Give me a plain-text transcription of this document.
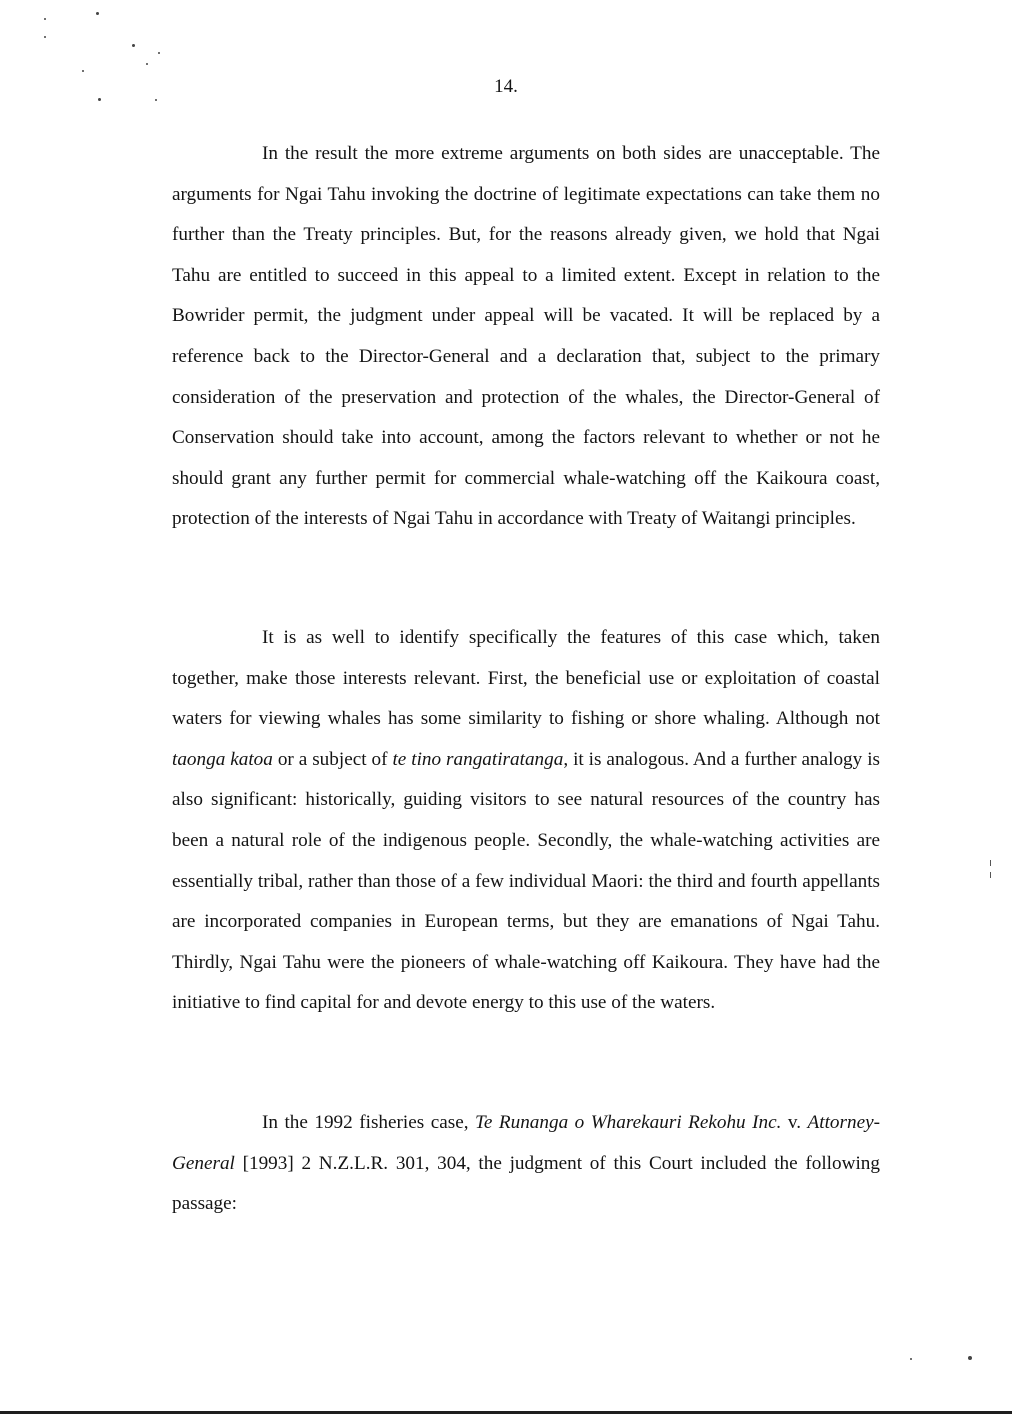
14.

In the result the more extreme arguments on both sides are unacceptable. The arguments for Ngai Tahu invoking the doctrine of legitimate expectations can take them no further than the Treaty principles. But, for the reasons already given, we hold that Ngai Tahu are entitled to succeed in this appeal to a limited extent. Except in relation to the Bowrider permit, the judgment under appeal will be vacated. It will be replaced by a reference back to the Director-General and a declaration that, subject to the primary consideration of the preservation and protection of the whales, the Director-General of Conservation should take into account, among the factors relevant to whether or not he should grant any further permit for commercial whale-watching off the Kaikoura coast, protection of the interests of Ngai Tahu in accordance with Treaty of Waitangi principles.

It is as well to identify specifically the features of this case which, taken together, make those interests relevant. First, the beneficial use or exploitation of coastal waters for viewing whales has some similarity to fishing or shore whaling. Although not taonga katoa or a subject of te tino rangatiratanga, it is analogous. And a further analogy is also significant: historically, guiding visitors to see natural resources of the country has been a natural role of the indigenous people. Secondly, the whale-watching activities are essentially tribal, rather than those of a few individual Maori: the third and fourth appellants are incorporated companies in European terms, but they are emanations of Ngai Tahu. Thirdly, Ngai Tahu were the pioneers of whale-watching off Kaikoura. They have had the initiative to find capital for and devote energy to this use of the waters.

In the 1992 fisheries case, Te Runanga o Wharekauri Rekohu Inc. v. Attorney-General [1993] 2 N.Z.L.R. 301, 304, the judgment of this Court included the following passage:
